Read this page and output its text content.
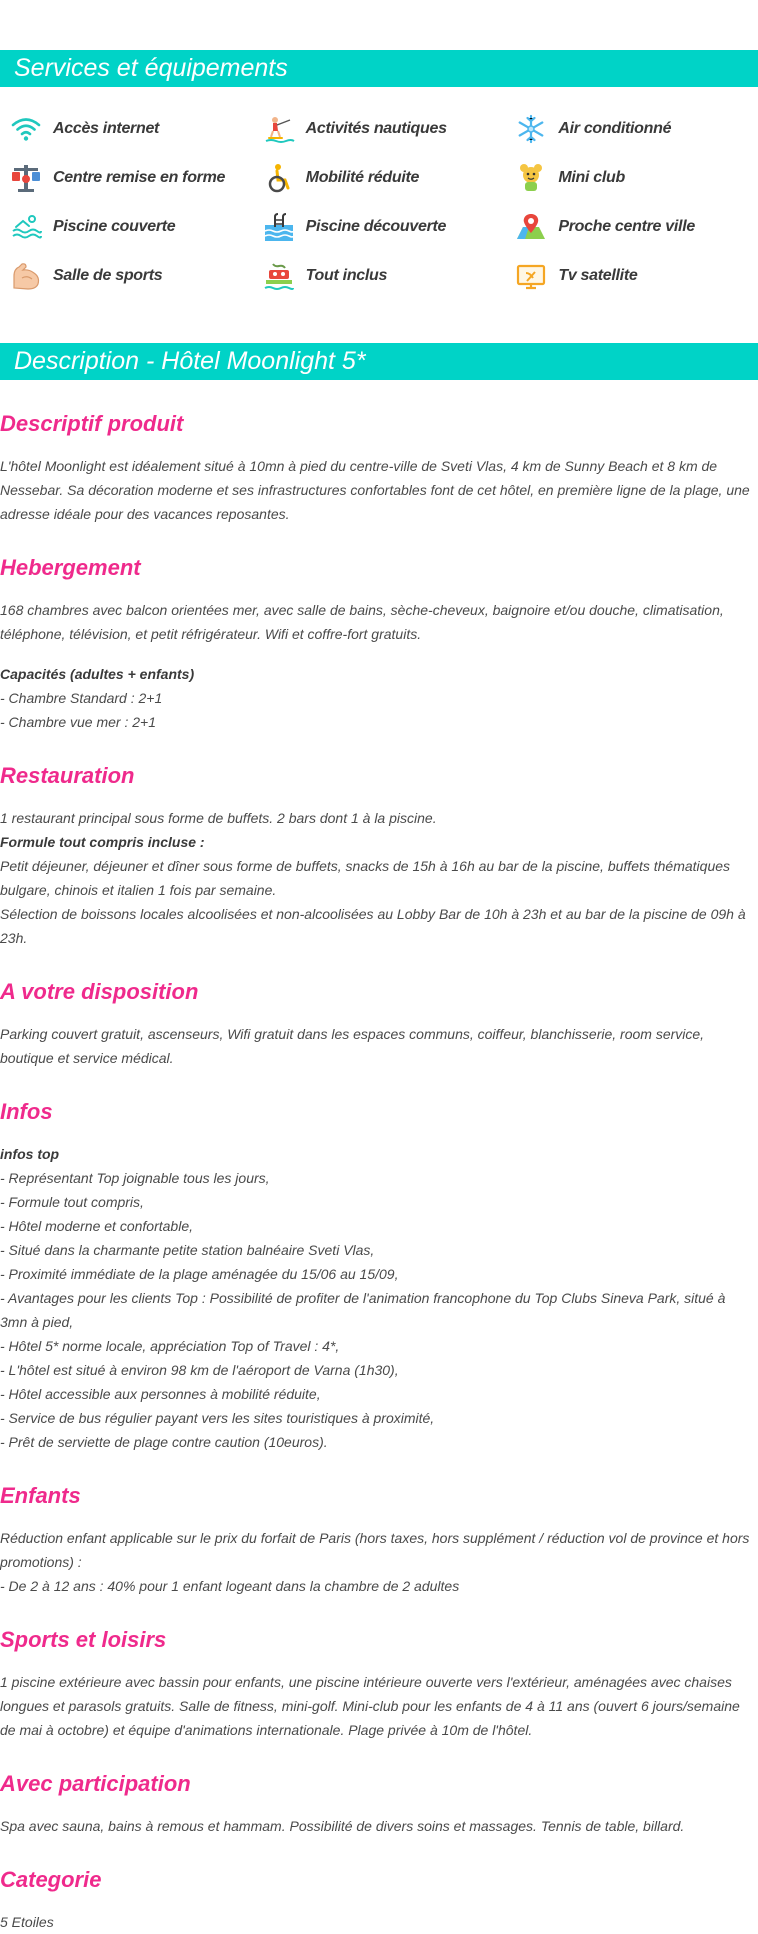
Services et équipements
Accès internet	Activités nautiques	Air conditionné
Centre remise en forme	Mobilité réduite	Mini club
Piscine couverte	Piscine découverte	Proche centre ville
Salle de sports	Tout inclus	Tv satellite
Description - Hôtel Moonlight 5*
Descriptif produit

L'hôtel Moonlight est idéalement situé à 10mn à pied du centre-ville de Sveti Vlas, 4 km de Sunny Beach et 8 km de Nessebar. Sa décoration moderne et ses infrastructures confortables font de cet hôtel, en première ligne de la plage, une adresse idéale pour des vacances reposantes.

Hebergement

168 chambres avec balcon orientées mer, avec salle de bains, sèche-cheveux, baignoire et/ou douche, climatisation, téléphone, télévision, et petit réfrigérateur. Wifi et coffre-fort gratuits.

Capacités (adultes + enfants)
- Chambre Standard : 2+1
- Chambre vue mer : 2+1
Restauration
1 restaurant principal sous forme de buffets. 2 bars dont 1 à la piscine.
Formule tout compris incluse :
Petit déjeuner, déjeuner et dîner sous forme de buffets, snacks de 15h à 16h au bar de la piscine, buffets thématiques bulgare, chinois et italien 1 fois par semaine.
Sélection de boissons locales alcoolisées et non-alcoolisées au Lobby Bar de 10h à 23h et au bar de la piscine de 09h à 23h.
A votre disposition

Parking couvert gratuit, ascenseurs, Wifi gratuit dans les espaces communs, coiffeur, blanchisserie, room service, boutique et service médical.

Infos
infos top
- Représentant Top joignable tous les jours,
- Formule tout compris,
- Hôtel moderne et confortable,
- Situé dans la charmante petite station balnéaire Sveti Vlas,
- Proximité immédiate de la plage aménagée du 15/06 au 15/09,
- Avantages pour les clients Top : Possibilité de profiter de l'animation francophone du Top Clubs Sineva Park, situé à 3mn à pied,
- Hôtel 5* norme locale, appréciation Top of Travel : 4*,
- L'hôtel est situé à environ 98 km de l'aéroport de Varna (1h30),
- Hôtel accessible aux personnes à mobilité réduite,
- Service de bus régulier payant vers les sites touristiques à proximité,
- Prêt de serviette de plage contre caution (10euros).
Enfants
Réduction enfant applicable sur le prix du forfait de Paris (hors taxes, hors supplément / réduction vol de province et hors promotions) :
- De 2 à 12 ans : 40% pour 1 enfant logeant dans la chambre de 2 adultes
Sports et loisirs

1 piscine extérieure avec bassin pour enfants, une piscine intérieure ouverte vers l'extérieur, aménagées avec chaises longues et parasols gratuits. Salle de fitness, mini-golf. Mini-club pour les enfants de 4 à 11 ans (ouvert 6 jours/semaine de mai à octobre) et équipe d'animations internationale. Plage privée à 10m de l'hôtel.

Avec participation

Spa avec sauna, bains à remous et hammam. Possibilité de divers soins et massages. Tennis de table, billard.

Categorie

5 Etoiles
